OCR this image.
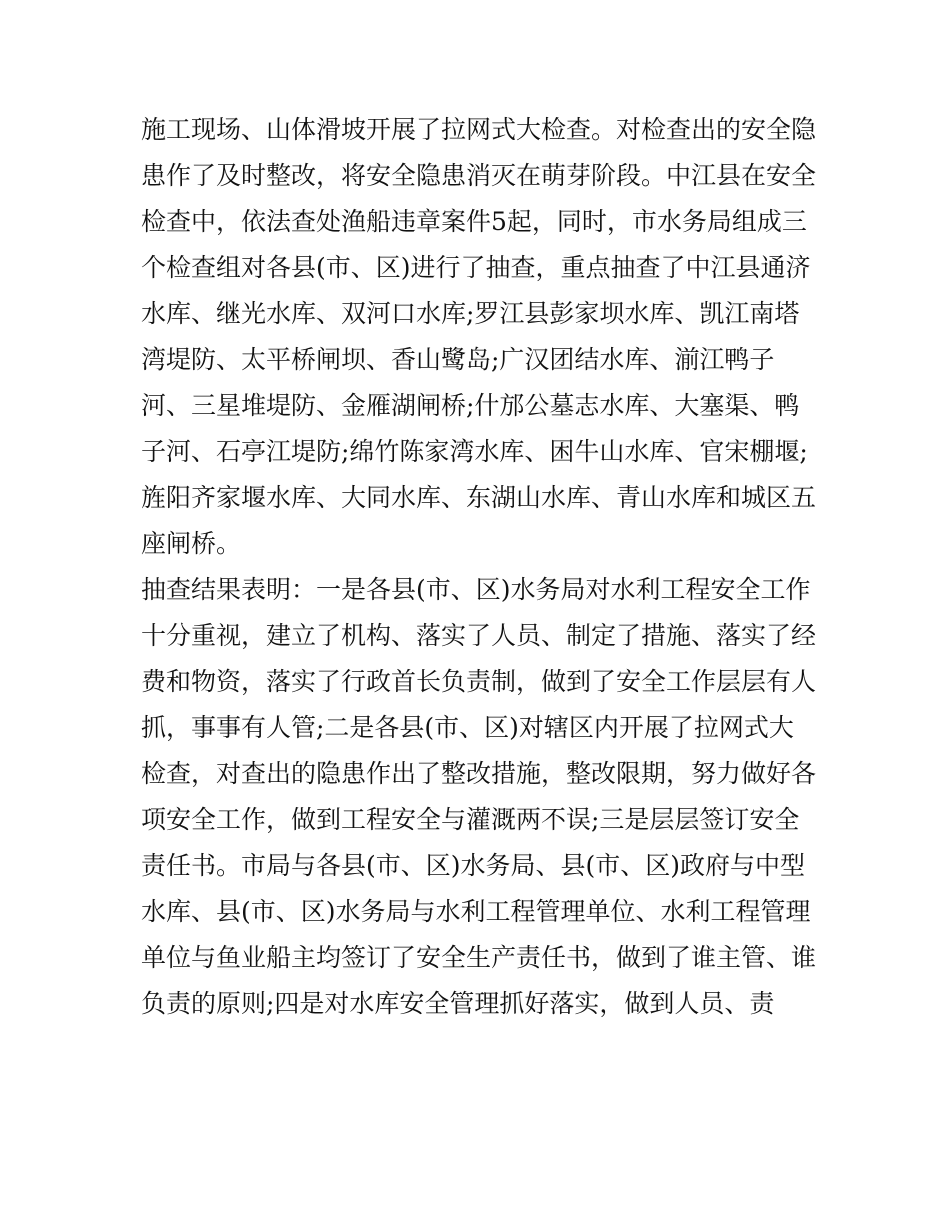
施工现场、山体滑坡开展了拉网式大检查。对检查出的安全隐
患作了及时整改，将安全隐患消灭在萌芽阶段。中江县在安全
检查中，依法查处渔船违章案件5起，同时，市水务局组成三
个检查组对各县(市、区)进行了抽查，重点抽查了中江县通济
水库、继光水库、双河口水库;罗江县彭家坝水库、凯江南塔
湾堤防、太平桥闸坝、香山鹭岛;广汉团结水库、湔江鸭子
河、三星堆堤防、金雁湖闸桥;什邡公墓志水库、大塞渠、鸭
子河、石亭江堤防;绵竹陈家湾水库、困牛山水库、官宋棚堰;
旌阳齐家堰水库、大同水库、东湖山水库、青山水库和城区五
座闸桥。
抽查结果表明：一是各县(市、区)水务局对水利工程安全工作
十分重视，建立了机构、落实了人员、制定了措施、落实了经
费和物资，落实了行政首长负责制，做到了安全工作层层有人
抓，事事有人管;二是各县(市、区)对辖区内开展了拉网式大
检查，对查出的隐患作出了整改措施，整改限期，努力做好各
项安全工作，做到工程安全与灌溉两不误;三是层层签订安全
责任书。市局与各县(市、区)水务局、县(市、区)政府与中型
水库、县(市、区)水务局与水利工程管理单位、水利工程管理
单位与鱼业船主均签订了安全生产责任书，做到了谁主管、谁
负责的原则;四是对水库安全管理抓好落实，做到人员、责
